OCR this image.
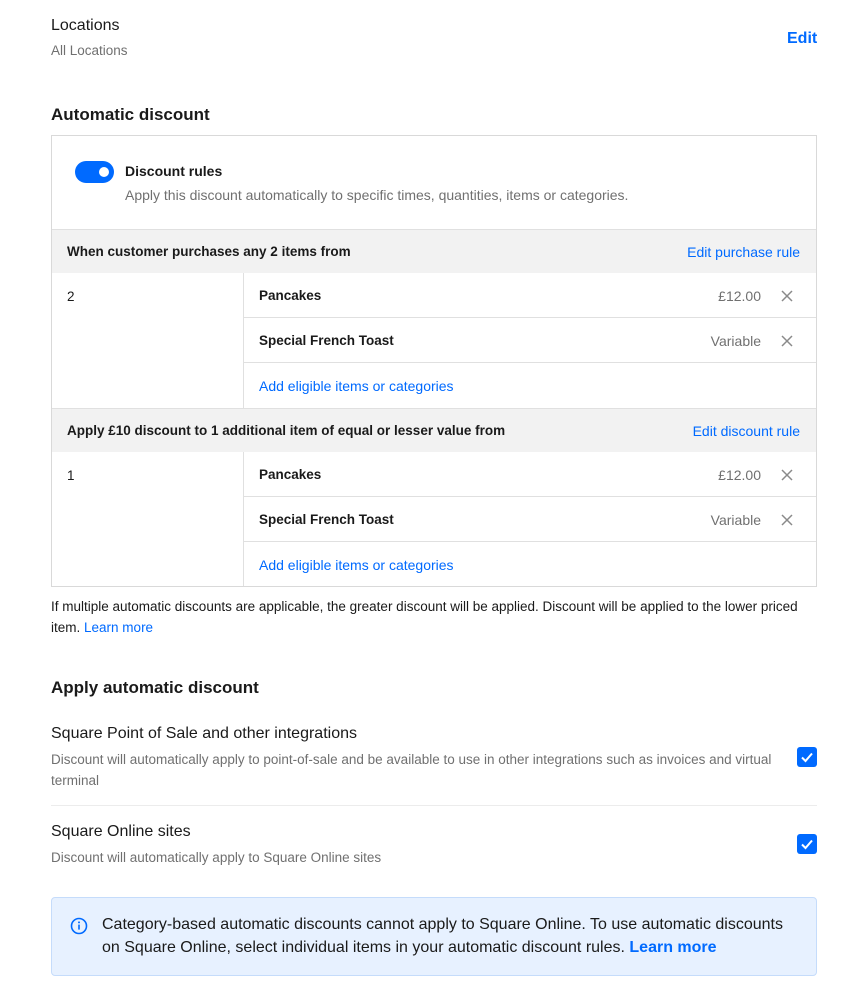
Locations
All Locations
Edit
Automatic discount
Discount rules
Apply this discount automatically to specific times, quantities, items or categories.
When customer purchases any 2 items from	Edit purchase rule
2	Pancakes	£12.00
Special French Toast	Variable
Add eligible items or categories
Apply £10 discount to 1 additional item of equal or lesser value from	Edit discount rule
1	Pancakes	£12.00
Special French Toast	Variable
Add eligible items or categories
If multiple automatic discounts are applicable, the greater discount will be applied. Discount will be applied to the lower priced item. Learn more
Apply automatic discount
Square Point of Sale and other integrations
Discount will automatically apply to point-of-sale and be available to use in other integrations such as invoices and virtual terminal
Square Online sites
Discount will automatically apply to Square Online sites
Category-based automatic discounts cannot apply to Square Online. To use automatic discounts on Square Online, select individual items in your automatic discount rules. Learn more
